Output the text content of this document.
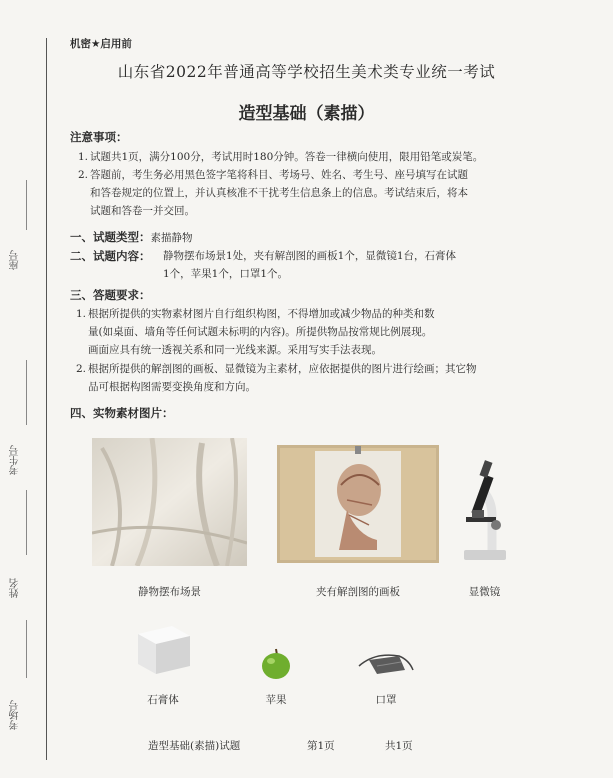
座号
考生号
姓名
考场号
机密★启用前
山东省2022年普通高等学校招生美术类专业统一考试
造型基础（素描）
注意事项：
1. 试题共1页，满分100分，考试用时180分钟。答卷一律横向使用，限用铅笔或炭笔。
2. 答题前，考生务必用黑色签字笔将科目、考场号、姓名、考生号、座号填写在试题
和答卷规定的位置上，并认真核准不干扰考生信息条上的信息。考试结束后，将本
试题和答卷一并交回。
一、试题类型：素描静物
二、试题内容： 静物摆布场景1处，夹有解剖图的画板1个，显微镜1台，石膏体
1个，苹果1个，口罩1个。
三、答题要求：
1. 根据所提供的实物素材图片自行组织构图，不得增加或减少物品的种类和数
量(如桌面、墙角等任何试题未标明的内容)。所提供物品按常规比例展现。
画面应具有统一透视关系和同一光线来源。采用写实手法表现。
2. 根据所提供的解剖图的画板、显微镜为主素材，应依据提供的图片进行绘画；其它物
品可根据构图需要变换角度和方向。
四、实物素材图片：
静物摆布场景	夹有解剖图的画板	显微镜
石膏体	苹果	口罩
造型基础(素描)试题	第1页	共1页
